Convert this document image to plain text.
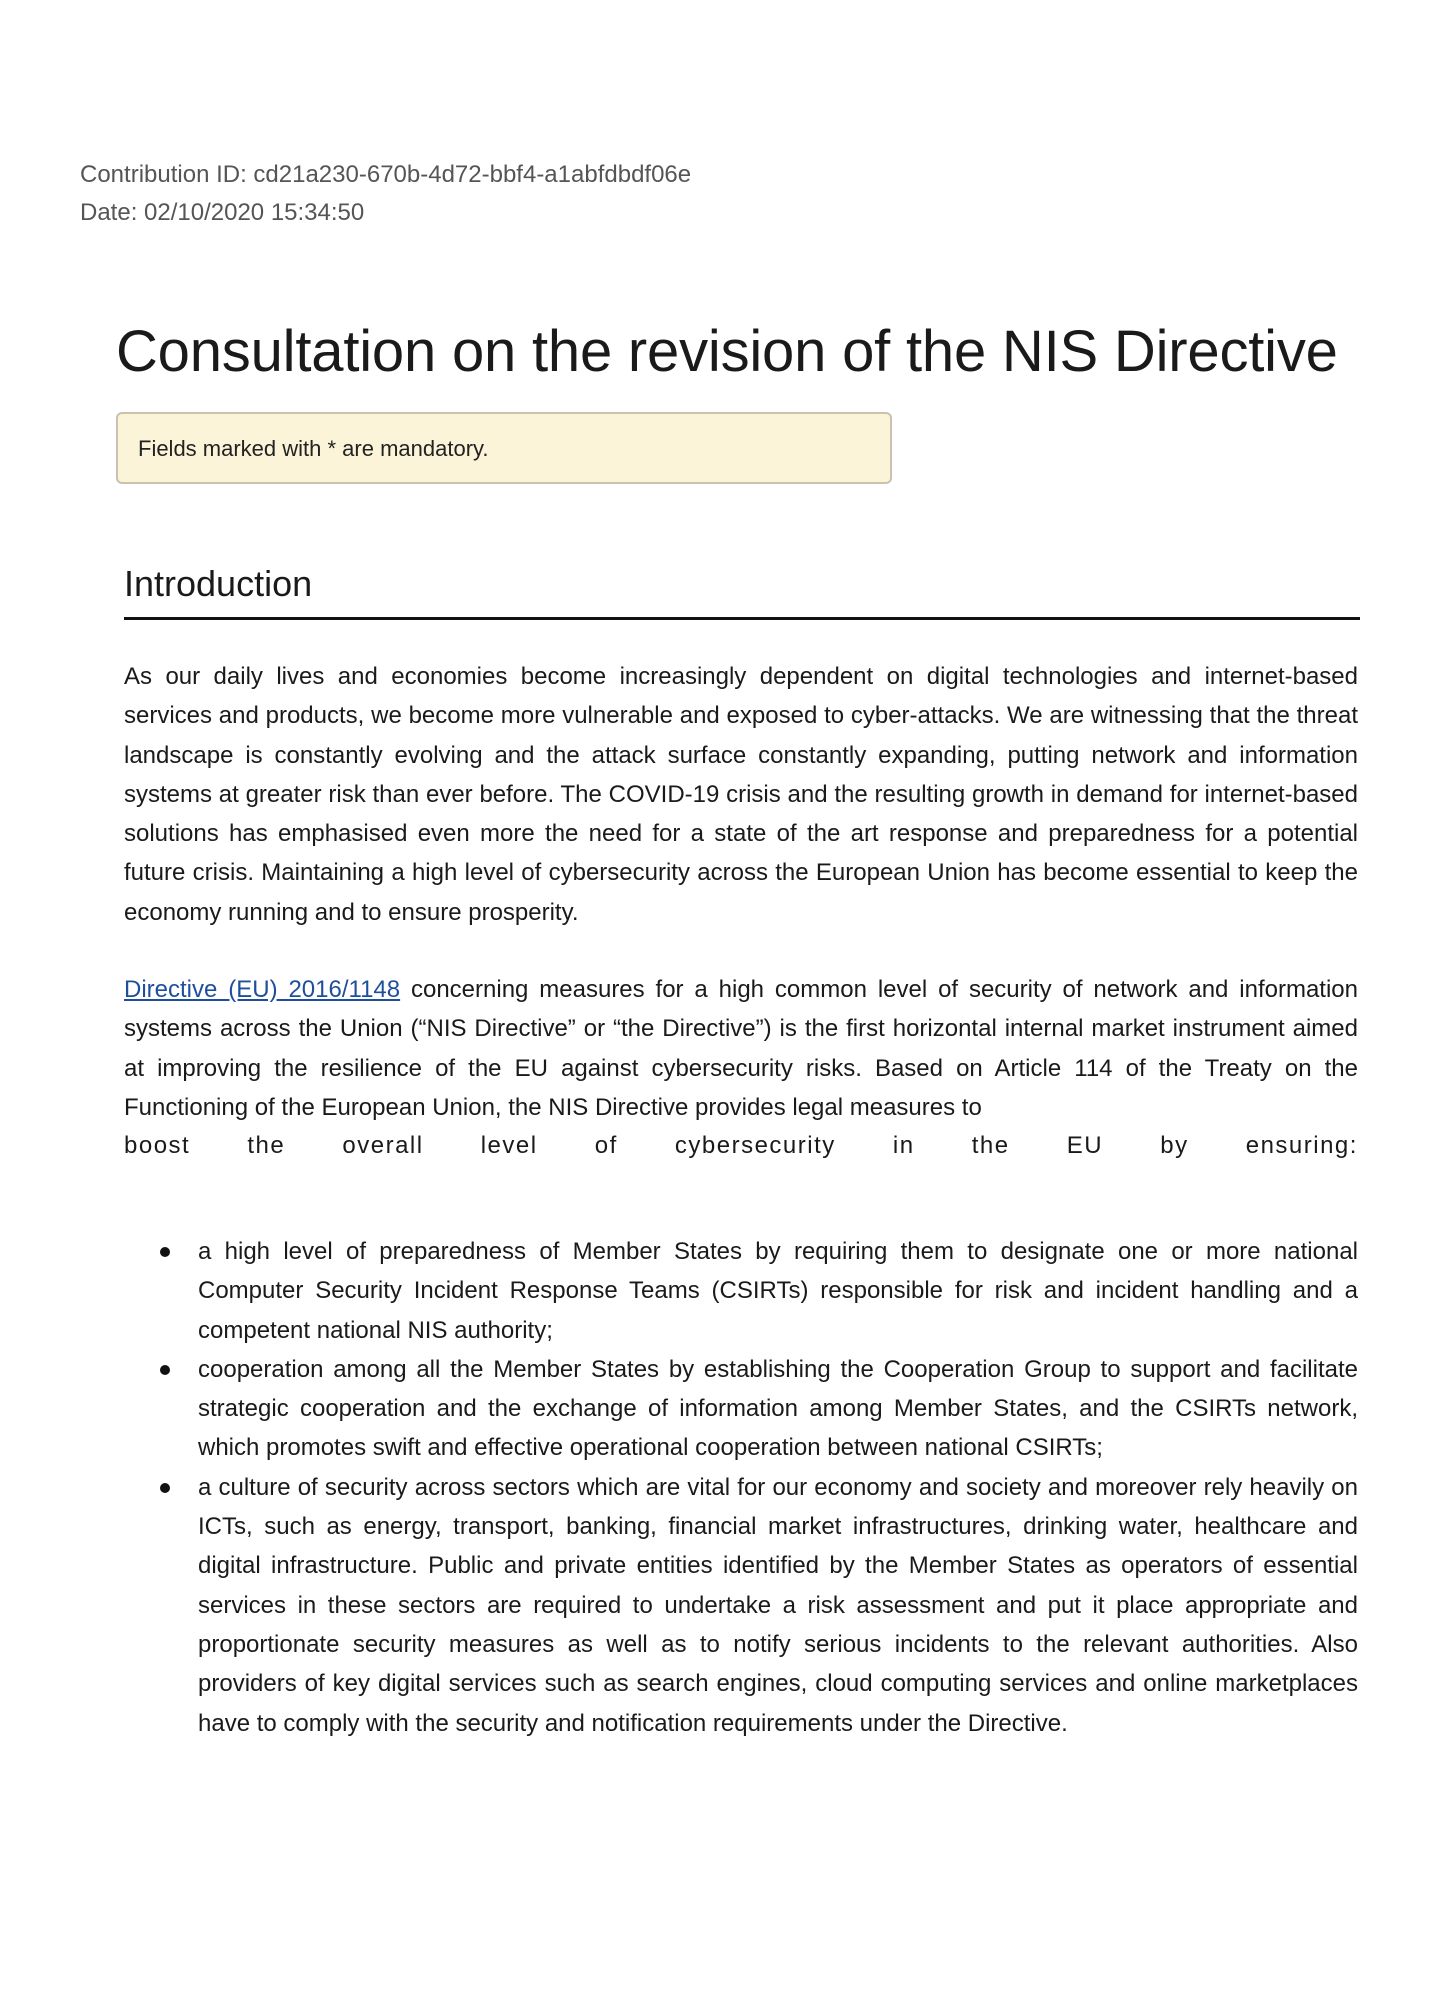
Contribution ID: cd21a230-670b-4d72-bbf4-a1abfdbdf06e
Date: 02/10/2020 15:34:50
Consultation on the revision of the NIS Directive
Fields marked with * are mandatory.
Introduction

As our daily lives and economies become increasingly dependent on digital technologies and internet-based services and products, we become more vulnerable and exposed to cyber-attacks. We are witnessing that the threat landscape is constantly evolving and the attack surface constantly expanding, putting network and information systems at greater risk than ever before. The COVID-19 crisis and the resulting growth in demand for internet-based solutions has emphasised even more the need for a state of the art response and preparedness for a potential future crisis. Maintaining a high level of cybersecurity across the European Union has become essential to keep the economy running and to ensure prosperity.

Directive (EU) 2016/1148 concerning measures for a high common level of security of network and information systems across the Union (“NIS Directive” or “the Directive”) is the first horizontal internal market instrument aimed at improving the resilience of the EU against cybersecurity risks. Based on Article 114 of the Treaty on the Functioning of the European Union, the NIS Directive provides legal measures to

boost the overall level of cybersecurity in the EU by ensuring:
a high level of preparedness of Member States by requiring them to designate one or more national Computer Security Incident Response Teams (CSIRTs) responsible for risk and incident handling and a competent national NIS authority;
cooperation among all the Member States by establishing the Cooperation Group to support and facilitate strategic cooperation and the exchange of information among Member States, and the CSIRTs network, which promotes swift and effective operational cooperation between national CSIRTs;
a culture of security across sectors which are vital for our economy and society and moreover rely heavily on ICTs, such as energy, transport, banking, financial market infrastructures, drinking water, healthcare and digital infrastructure. Public and private entities identified by the Member States as operators of essential services in these sectors are required to undertake a risk assessment and put it place appropriate and proportionate security measures as well as to notify serious incidents to the relevant authorities. Also providers of key digital services such as search engines, cloud computing services and online marketplaces have to comply with the security and notification requirements under the Directive.
